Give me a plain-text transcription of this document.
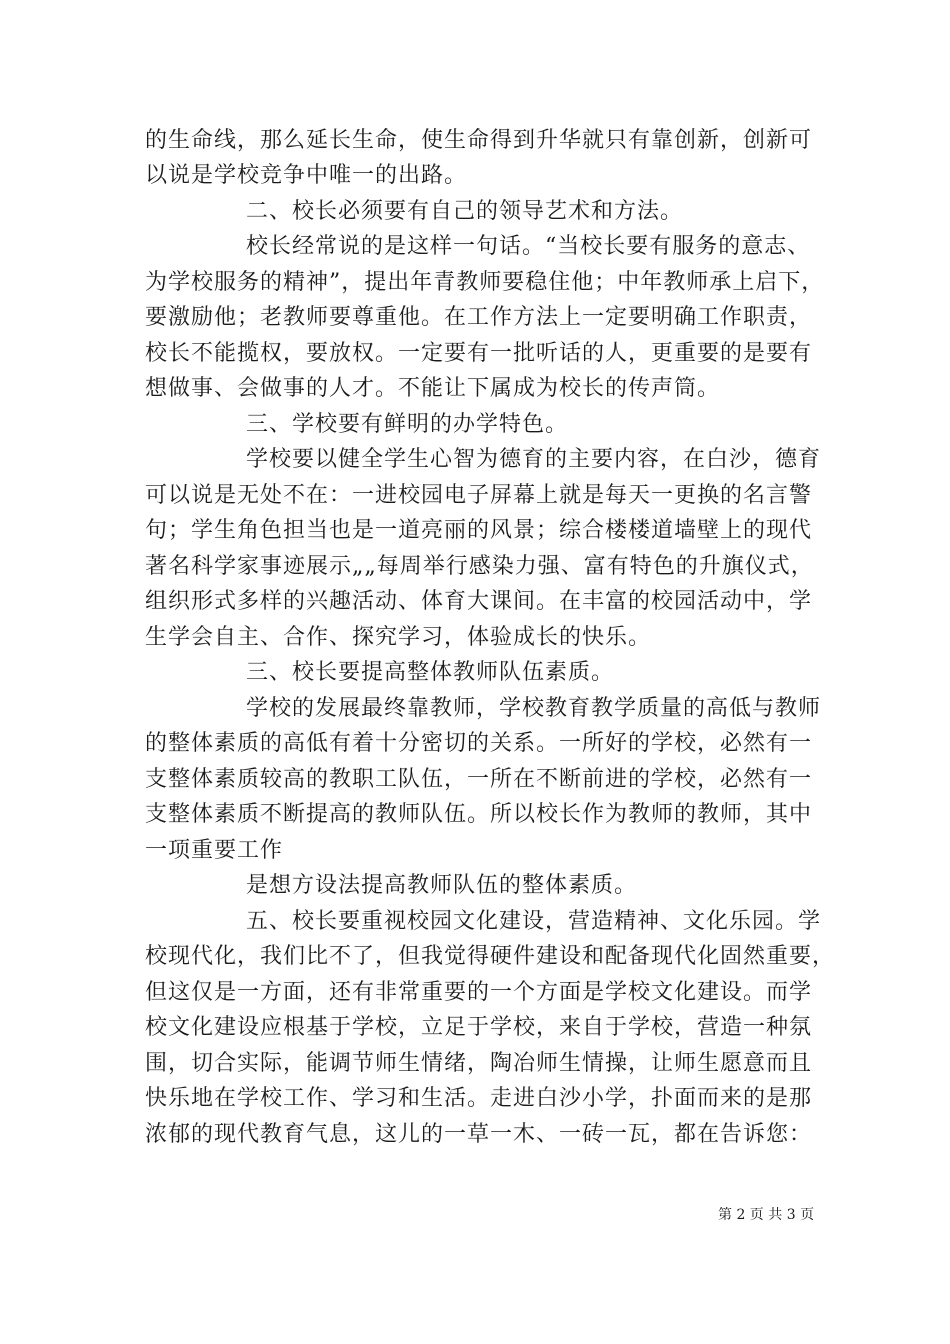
的生命线，那么延长生命，使生命得到升华就只有靠创新，创新可
以说是学校竞争中唯一的出路。
二、校长必须要有自己的领导艺术和方法。
校长经常说的是这样一句话。“当校长要有服务的意志、
为学校服务的精神”，提出年青教师要稳住他；中年教师承上启下，
要激励他；老教师要尊重他。在工作方法上一定要明确工作职责，
校长不能揽权，要放权。一定要有一批听话的人，更重要的是要有
想做事、会做事的人才。不能让下属成为校长的传声筒。
三、学校要有鲜明的办学特色。
学校要以健全学生心智为德育的主要内容，在白沙，德育
可以说是无处不在：一进校园电子屏幕上就是每天一更换的名言警
句；学生角色担当也是一道亮丽的风景；综合楼楼道墙壁上的现代
著名科学家事迹展示„„每周举行感染力强、富有特色的升旗仪式，
组织形式多样的兴趣活动、体育大课间。在丰富的校园活动中，学
生学会自主、合作、探究学习，体验成长的快乐。
三、校长要提高整体教师队伍素质。
学校的发展最终靠教师，学校教育教学质量的高低与教师
的整体素质的高低有着十分密切的关系。一所好的学校，必然有一
支整体素质较高的教职工队伍，一所在不断前进的学校，必然有一
支整体素质不断提高的教师队伍。所以校长作为教师的教师，其中
一项重要工作
是想方设法提高教师队伍的整体素质。
五、校长要重视校园文化建设，营造精神、文化乐园。学
校现代化，我们比不了，但我觉得硬件建设和配备现代化固然重要，
但这仅是一方面，还有非常重要的一个方面是学校文化建设。而学
校文化建设应根基于学校，立足于学校，来自于学校，营造一种氛
围，切合实际，能调节师生情绪，陶冶师生情操，让师生愿意而且
快乐地在学校工作、学习和生活。走进白沙小学，扑面而来的是那
浓郁的现代教育气息，这儿的一草一木、一砖一瓦，都在告诉您：
第 2 页 共 3 页
